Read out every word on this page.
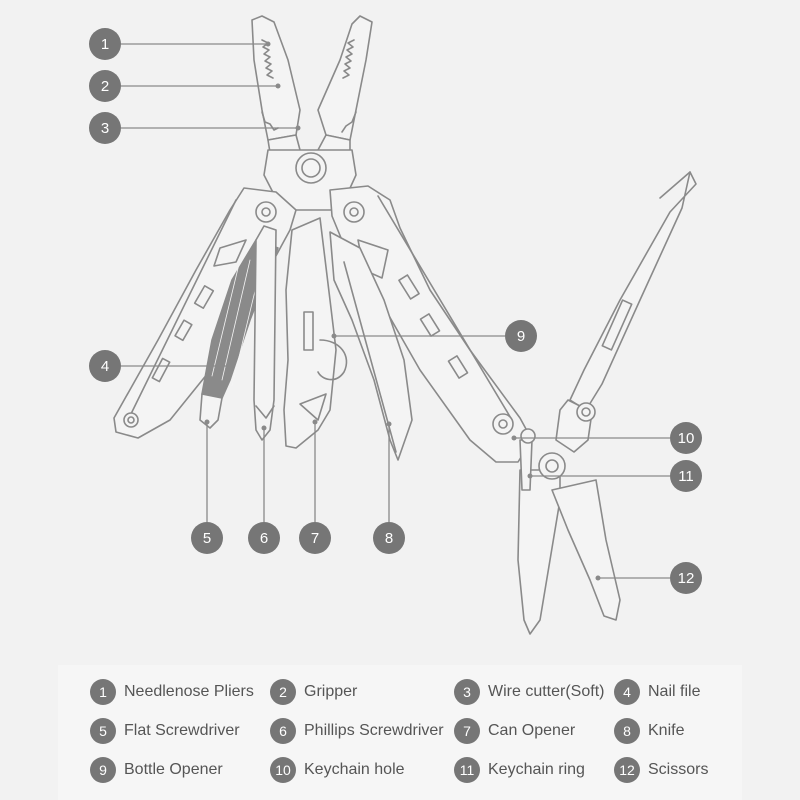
1
2
3
4
5	6	7	8
9
10
11
12
1	Needlenose Pliers	2	Gripper	3	Wire cutter(Soft)	4	Nail file
5	Flat Screwdriver	6	Phillips Screwdriver	7	Can Opener	8	Knife
9	Bottle Opener	10 Keychain hole	11 Keychain ring	12 Scissors
